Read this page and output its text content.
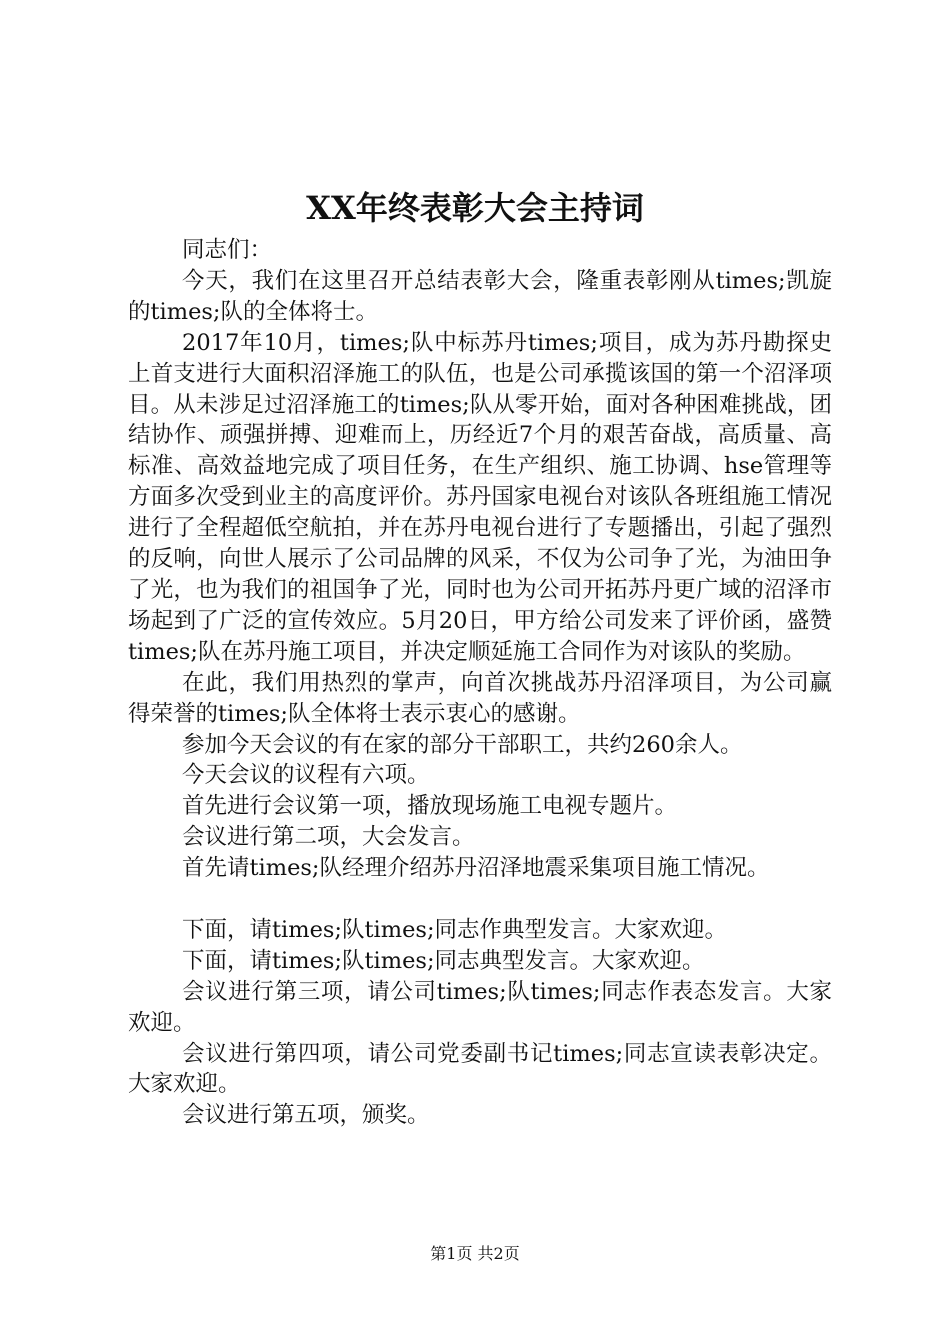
XX年终表彰大会主持词

同志们：

今天，我们在这里召开总结表彰大会，隆重表彰刚从times;凯旋的times;队的全体将士。

2017年10月，times;队中标苏丹times;项目，成为苏丹勘探史上首支进行大面积沼泽施工的队伍，也是公司承揽该国的第一个沼泽项目。从未涉足过沼泽施工的times;队从零开始，面对各种困难挑战，团结协作、顽强拼搏、迎难而上，历经近7个月的艰苦奋战，高质量、高标准、高效益地完成了项目任务，在生产组织、施工协调、hse管理等方面多次受到业主的高度评价。苏丹国家电视台对该队各班组施工情况进行了全程超低空航拍，并在苏丹电视台进行了专题播出，引起了强烈的反响，向世人展示了公司品牌的风采，不仅为公司争了光，为油田争了光，也为我们的祖国争了光，同时也为公司开拓苏丹更广域的沼泽市场起到了广泛的宣传效应。5月20日，甲方给公司发来了评价函，盛赞times;队在苏丹施工项目，并决定顺延施工合同作为对该队的奖励。

在此，我们用热烈的掌声，向首次挑战苏丹沼泽项目，为公司赢得荣誉的times;队全体将士表示衷心的感谢。

参加今天会议的有在家的部分干部职工，共约260余人。

今天会议的议程有六项。

首先进行会议第一项，播放现场施工电视专题片。

会议进行第二项，大会发言。

首先请times;队经理介绍苏丹沼泽地震采集项目施工情况。

下面，请times;队times;同志作典型发言。大家欢迎。

下面，请times;队times;同志典型发言。大家欢迎。

会议进行第三项，请公司times;队times;同志作表态发言。大家欢迎。

会议进行第四项，请公司党委副书记times;同志宣读表彰决定。大家欢迎。

会议进行第五项，颁奖。

第1页 共2页
